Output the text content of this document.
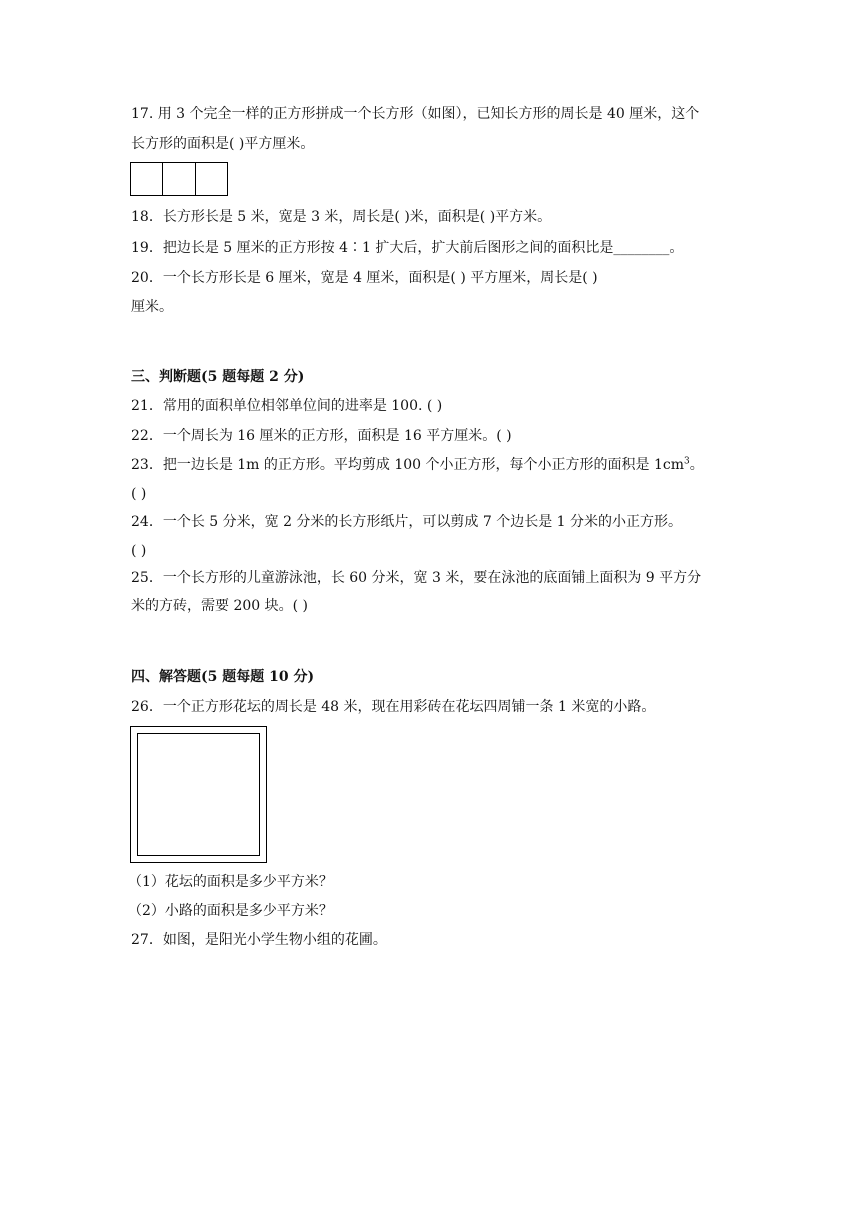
17. 用 3 个完全一样的正方形拼成一个长方形（如图），已知长方形的周长是 40 厘米，这个
长方形的面积是( )平方厘米。
18．长方形长是 5 米，宽是 3 米，周长是( )米，面积是( )平方米。
19．把边长是 5 厘米的正方形按 4∶1 扩大后，扩大前后图形之间的面积比是________。
20．一个长方形长是 6 厘米，宽是 4 厘米，面积是( ) 平方厘米，周长是( )
厘米。
三、判断题(5 题每题 2 分)
21．常用的面积单位相邻单位间的进率是 100. ( )
22．一个周长为 16 厘米的正方形，面积是 16 平方厘米。( )
23．把一边长是 1m 的正方形。平均剪成 100 个小正方形，每个小正方形的面积是 $1cm^3$。
( )
24．一个长 5 分米，宽 2 分米的长方形纸片，可以剪成 7 个边长是 1 分米的小正方形。
( )
25．一个长方形的儿童游泳池，长 60 分米，宽 3 米，要在泳池的底面铺上面积为 9 平方分
米的方砖，需要 200 块。( )
四、解答题(5 题每题 10 分)
26．一个正方形花坛的周长是 48 米，现在用彩砖在花坛四周铺一条 1 米宽的小路。
（1）花坛的面积是多少平方米？
（2）小路的面积是多少平方米？
27．如图，是阳光小学生物小组的花圃。
